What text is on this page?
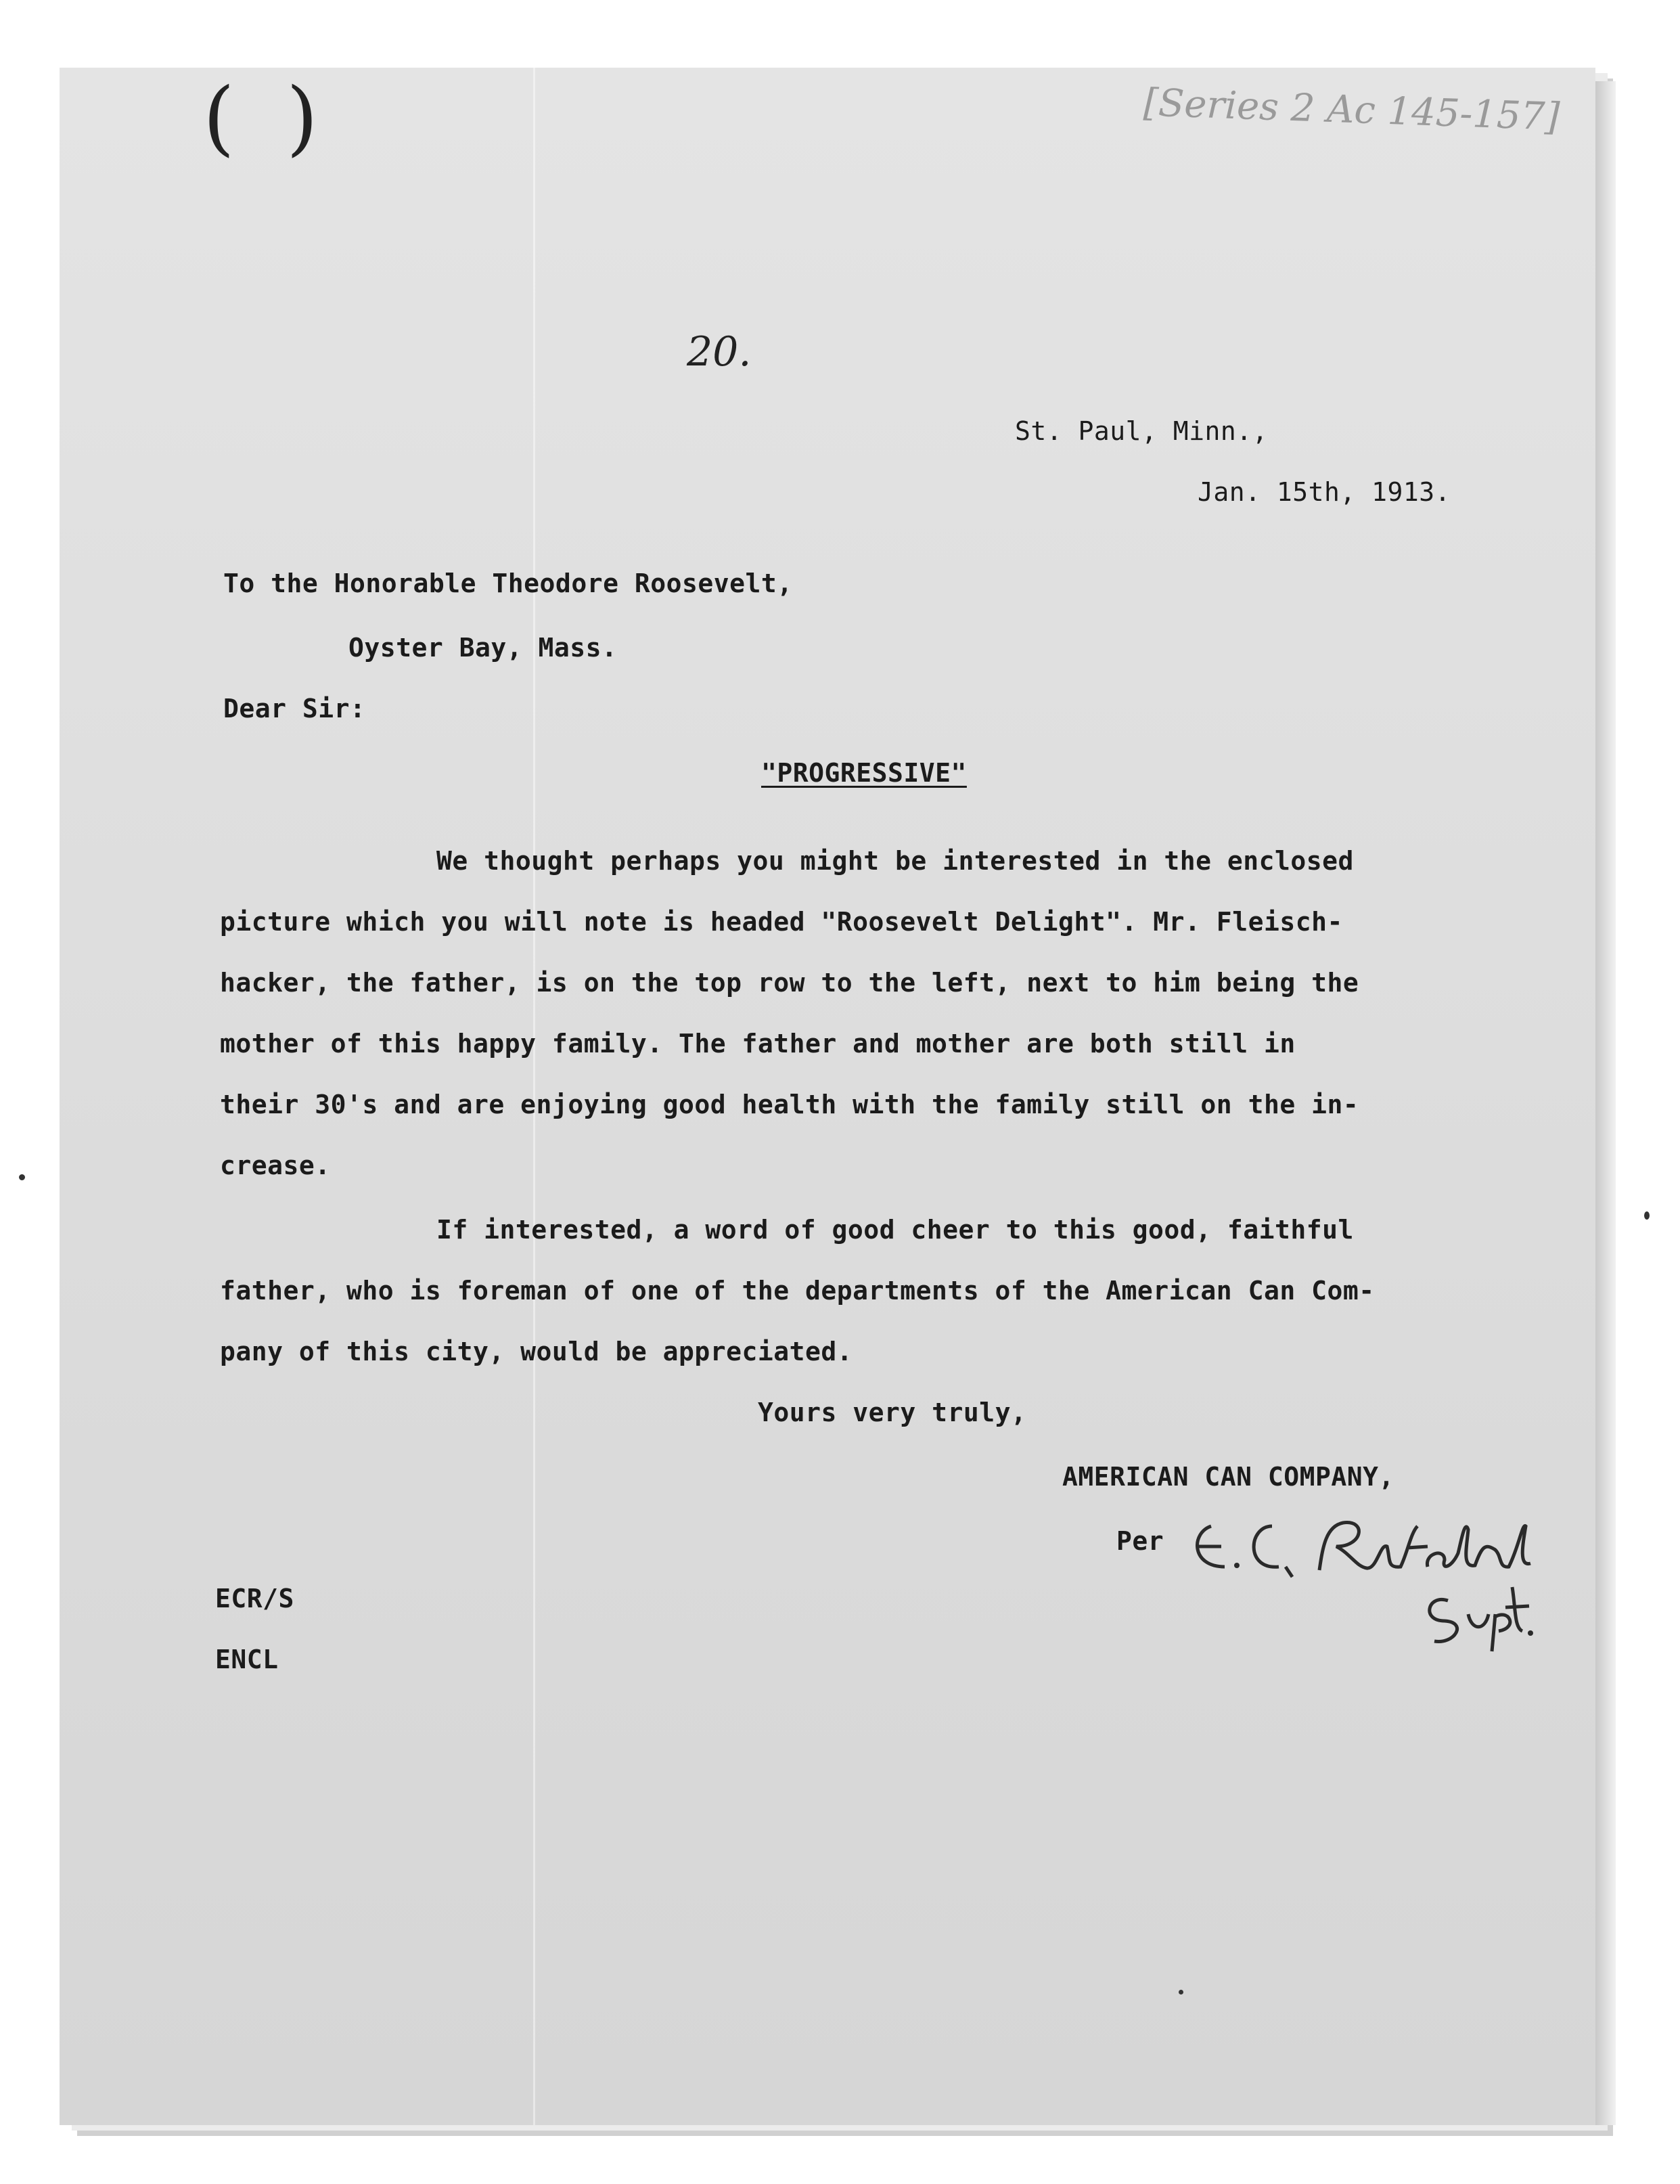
(  )	[Series 2 Ac 145-157]
20.
St. Paul, Minn.,
Jan. 15th, 1913.
To the Honorable Theodore Roosevelt,
Oyster Bay, Mass.
Dear Sir:
"PROGRESSIVE"
We thought perhaps you might be interested in the enclosed
picture which you will note is headed "Roosevelt Delight". Mr. Fleisch-
hacker, the father, is on the top row to the left, next to him being the
mother of this happy family. The father and mother are both still in
their 30's and are enjoying good health with the family still on the in-
crease.
If interested, a word of good cheer to this good, faithful
father, who is foreman of one of the departments of the American Can Com-
pany of this city, would be appreciated.
Yours very truly,
AMERICAN CAN COMPANY,
Per
ECR/S
ENCL
